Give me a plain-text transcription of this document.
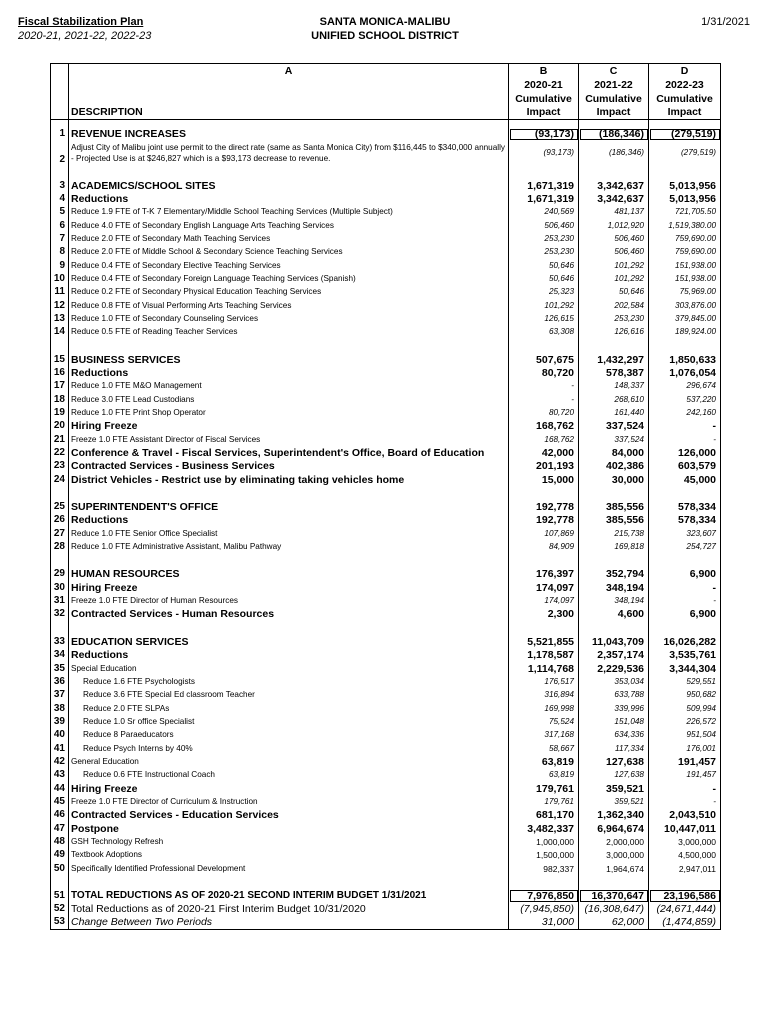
Fiscal Stabilization Plan
2020-21, 2021-22, 2022-23
SANTA MONICA-MALIBU
UNIFIED SCHOOL DISTRICT
1/31/2021
	A	B	C	D
		2020-21	2021-22	2022-23
		Cumulative	Cumulative	Cumulative
	DESCRIPTION	Impact	Impact	Impact

1	REVENUE INCREASES	(93,173)	(186,346)	(279,519)
2	Adjust City of Malibu joint use permit to the direct rate (same as Santa Monica City) from $116,445 to $340,000 annually - Projected Use is at $246,827 which is a $93,173 decrease to revenue.	(93,173)	(186,346)	(279,519)

3	ACADEMICS/SCHOOL SITES	1,671,319	3,342,637	5,013,956
4	Reductions	1,671,319	3,342,637	5,013,956
5	Reduce 1.9 FTE of T-K 7 Elementary/Middle School Teaching Services (Multiple Subject)	240,569	481,137	721,705.50
6	Reduce 4.0 FTE of Secondary English Language Arts Teaching Services	506,460	1,012,920	1,519,380.00
7	Reduce 2.0 FTE of Secondary Math Teaching Services	253,230	506,460	759,690.00
8	Reduce 2.0 FTE of Middle School & Secondary Science Teaching Services	253,230	506,460	759,690.00
9	Reduce 0.4 FTE of Secondary Elective Teaching Services	50,646	101,292	151,938.00
10	Reduce 0.4 FTE of Secondary Foreign Language Teaching Services (Spanish)	50,646	101,292	151,938.00
11	Reduce 0.2 FTE of Secondary Physical Education Teaching Services	25,323	50,646	75,969.00
12	Reduce 0.8 FTE of Visual Performing Arts Teaching Services	101,292	202,584	303,876.00
13	Reduce 1.0 FTE of Secondary Counseling Services	126,615	253,230	379,845.00
14	Reduce 0.5 FTE of Reading Teacher Services	63,308	126,616	189,924.00

15	BUSINESS SERVICES	507,675	1,432,297	1,850,633
16	Reductions	80,720	578,387	1,076,054
17	Reduce 1.0 FTE M&O Management	-	148,337	296,674
18	Reduce 3.0 FTE Lead Custodians	-	268,610	537,220
19	Reduce 1.0 FTE Print Shop Operator	80,720	161,440	242,160
20	Hiring Freeze	168,762	337,524	-
21	Freeze 1.0 FTE Assistant Director of Fiscal Services	168,762	337,524	-
22	Conference & Travel - Fiscal Services, Superintendent's Office, Board of Education	42,000	84,000	126,000
23	Contracted Services - Business Services	201,193	402,386	603,579
24	District Vehicles - Restrict use by eliminating taking vehicles home	15,000	30,000	45,000

25	SUPERINTENDENT'S OFFICE	192,778	385,556	578,334
26	Reductions	192,778	385,556	578,334
27	Reduce 1.0 FTE Senior Office Specialist	107,869	215,738	323,607
28	Reduce 1.0 FTE Administrative Assistant, Malibu Pathway	84,909	169,818	254,727

29	HUMAN RESOURCES	176,397	352,794	6,900
30	Hiring Freeze	174,097	348,194	-
31	Freeze 1.0 FTE Director of Human Resources	174,097	348,194	-
32	Contracted Services - Human Resources	2,300	4,600	6,900

33	EDUCATION SERVICES	5,521,855	11,043,709	16,026,282
34	Reductions	1,178,587	2,357,174	3,535,761
35	Special Education	1,114,768	2,229,536	3,344,304
36	Reduce 1.6 FTE Psychologists	176,517	353,034	529,551
37	Reduce 3.6 FTE Special Ed classroom Teacher	316,894	633,788	950,682
38	Reduce 2.0 FTE SLPAs	169,998	339,996	509,994
39	Reduce 1.0 Sr office Specialist	75,524	151,048	226,572
40	Reduce 8 Paraeducators	317,168	634,336	951,504
41	Reduce Psych Interns by 40%	58,667	117,334	176,001
42	General Education	63,819	127,638	191,457
43	Reduce 0.6 FTE Instructional Coach	63,819	127,638	191,457
44	Hiring Freeze	179,761	359,521	-
45	Freeze 1.0 FTE Director of Curriculum & Instruction	179,761	359,521	-
46	Contracted Services - Education Services	681,170	1,362,340	2,043,510
47	Postpone	3,482,337	6,964,674	10,447,011
48	GSH Technology Refresh	1,000,000	2,000,000	3,000,000
49	Textbook Adoptions	1,500,000	3,000,000	4,500,000
50	Specifically Identified Professional Development	982,337	1,964,674	2,947,011

51	TOTAL REDUCTIONS AS OF 2020-21 SECOND INTERIM BUDGET 1/31/2021	7,976,850	16,370,647	23,196,586
52	Total Reductions as of 2020-21 First Interim Budget 10/31/2020	(7,945,850)	(16,308,647)	(24,671,444)
53	Change Between Two Periods	31,000	62,000	(1,474,859)
